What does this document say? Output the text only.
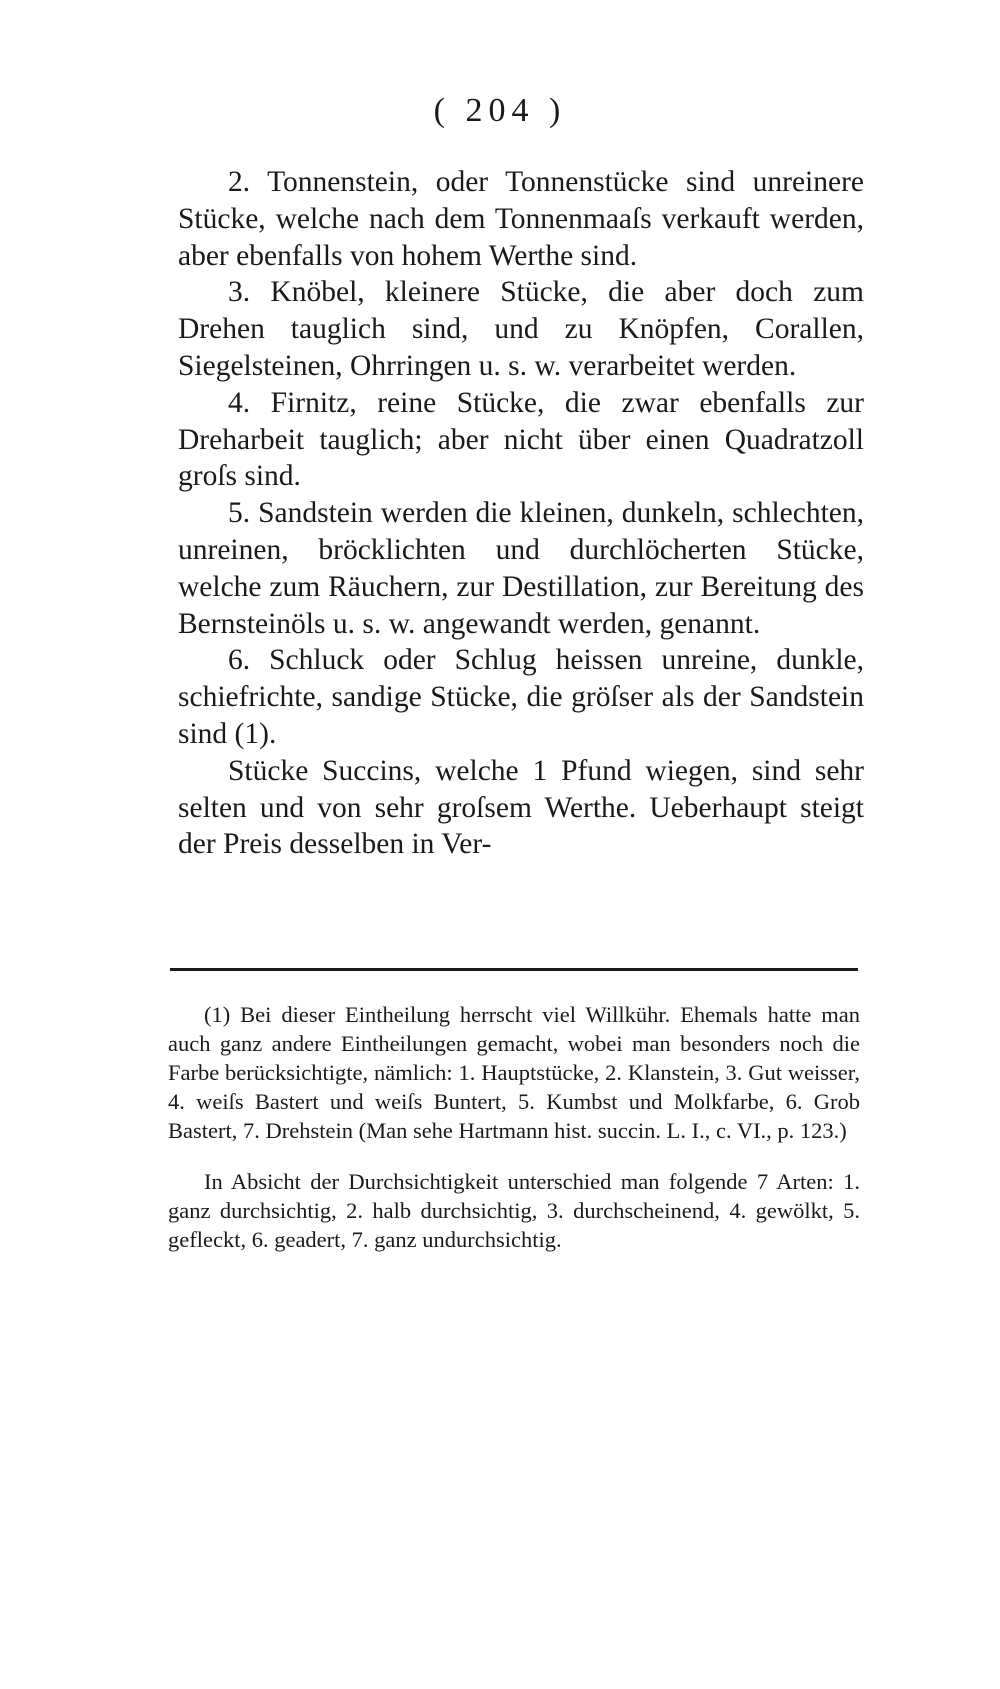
( 204 )

2. Tonnenstein, oder Tonnenstücke sind unreinere Stücke, welche nach dem Tonnenmaaſs verkauft werden, aber ebenfalls von hohem Werthe sind.

3. Knöbel, kleinere Stücke, die aber doch zum Drehen tauglich sind, und zu Knöpfen, Corallen, Siegelsteinen, Ohrringen u. s. w. verarbeitet werden.

4. Firnitz, reine Stücke, die zwar ebenfalls zur Dreharbeit tauglich; aber nicht über einen Quadratzoll groſs sind.

5. Sandstein werden die kleinen, dunkeln, schlechten, unreinen, bröcklichten und durchlöcherten Stücke, welche zum Räuchern, zur Destillation, zur Bereitung des Bernsteinöls u. s. w. angewandt werden, genannt.

6. Schluck oder Schlug heissen unreine, dunkle, schiefrichte, sandige Stücke, die gröſser als der Sandstein sind (1).

Stücke Succins, welche 1 Pfund wiegen, sind sehr selten und von sehr groſsem Werthe. Ueberhaupt steigt der Preis desselben in Ver-

(1) Bei dieser Eintheilung herrscht viel Willkühr. Ehemals hatte man auch ganz andere Eintheilungen gemacht, wobei man besonders noch die Farbe berücksichtigte, nämlich: 1. Hauptstücke, 2. Klanstein, 3. Gut weisser, 4. weiſs Bastert und weiſs Buntert, 5. Kumbst und Molkfarbe, 6. Grob Bastert, 7. Drehstein (Man sehe Hartmann hist. succin. L. I., c. VI., p. 123.)

In Absicht der Durchsichtigkeit unterschied man folgende 7 Arten: 1. ganz durchsichtig, 2. halb durchsichtig, 3. durchscheinend, 4. gewölkt, 5. gefleckt, 6. geadert, 7. ganz undurchsichtig.
